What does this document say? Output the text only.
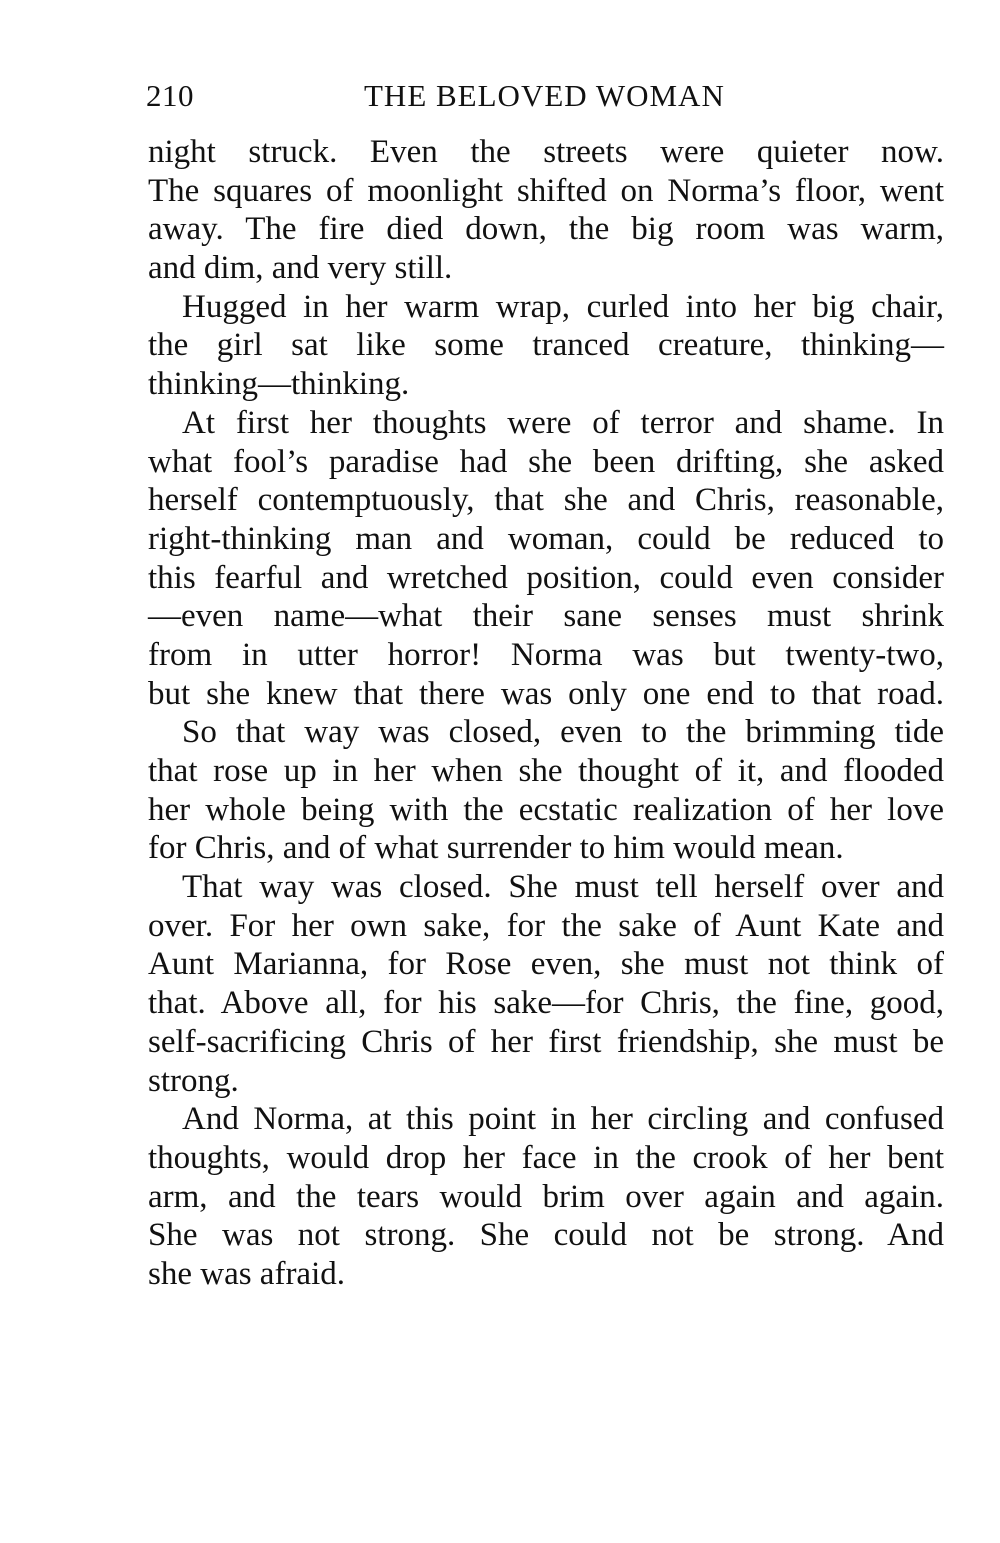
210	THE BELOVED WOMAN
night struck. Even the streets were quieter now.
The squares of moonlight shifted on Norma’s floor, went
away. The fire died down, the big room was warm,
and dim, and very still.
Hugged in her warm wrap, curled into her big chair,
the girl sat like some tranced creature, thinking—
thinking—thinking.
At first her thoughts were of terror and shame. In
what fool’s paradise had she been drifting, she asked
herself contemptuously, that she and Chris, reasonable,
right-thinking man and woman, could be reduced to
this fearful and wretched position, could even consider
—even name—what their sane senses must shrink
from in utter horror! Norma was but twenty-two,
but she knew that there was only one end to that road.
So that way was closed, even to the brimming tide
that rose up in her when she thought of it, and flooded
her whole being with the ecstatic realization of her love
for Chris, and of what surrender to him would mean.
That way was closed. She must tell herself over and
over. For her own sake, for the sake of Aunt Kate and
Aunt Marianna, for Rose even, she must not think of
that. Above all, for his sake—for Chris, the fine, good,
self-sacrificing Chris of her first friendship, she must be
strong.
And Norma, at this point in her circling and confused
thoughts, would drop her face in the crook of her bent
arm, and the tears would brim over again and again.
She was not strong. She could not be strong. And
she was afraid.
